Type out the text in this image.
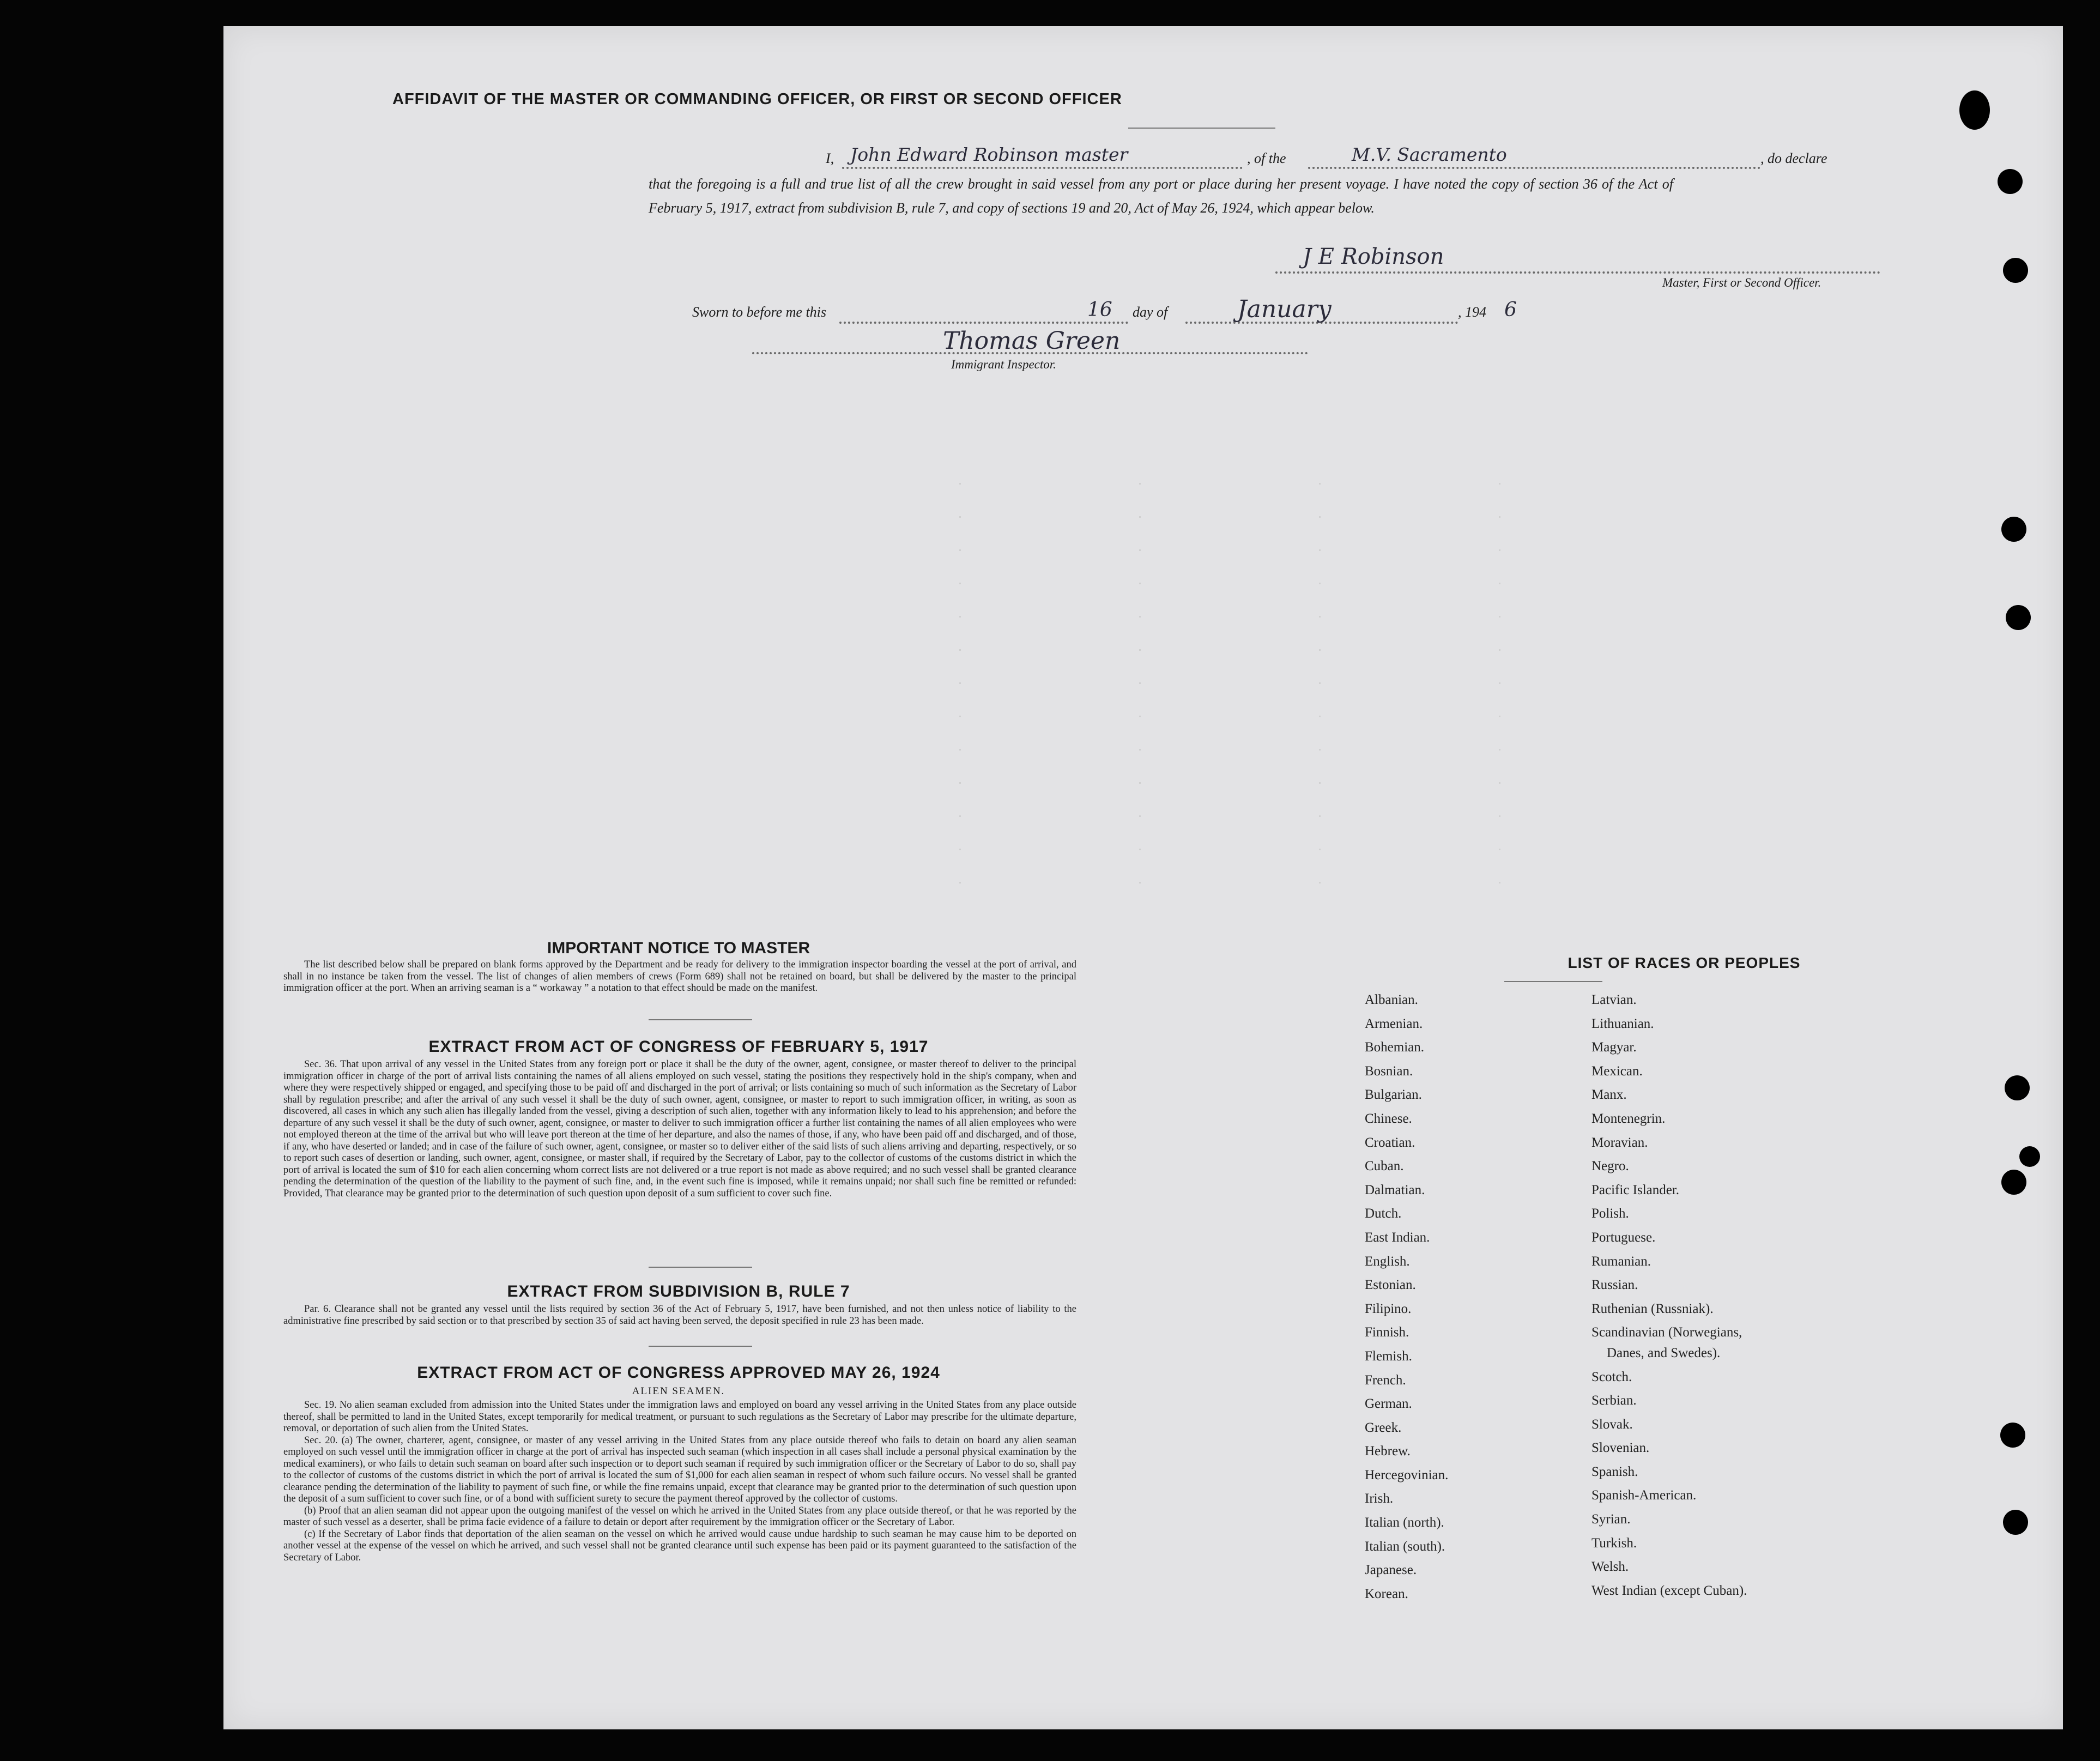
AFFIDAVIT OF THE MASTER OR COMMANDING OFFICER, OR FIRST OR SECOND OFFICER
I, John Edward Robinson master	, of the	M.V. Sacramento	, do declare
that the foregoing is a full and true list of all the crew brought in said vessel from any port or place during her present voyage. I have noted the copy of section 36 of the Act of February 5, 1917, extract from subdivision B, rule 7, and copy of sections 19 and 20, Act of May 26, 1924, which appear below.
J E Robinson
Master, First or Second Officer.
Sworn to before me this	16 day of	January	, 194 6
Thomas Green
Immigrant Inspector.
IMPORTANT NOTICE TO MASTER

The list described below shall be prepared on blank forms approved by the Department and be ready for delivery to the immigration inspector boarding the vessel at the port of arrival, and shall in no instance be taken from the vessel. The list of changes of alien members of crews (Form 689) shall not be retained on board, but shall be delivered by the master to the principal immigration officer at the port. When an arriving seaman is a “ workaway ” a notation to that effect should be made on the manifest.

EXTRACT FROM ACT OF CONGRESS OF FEBRUARY 5, 1917

Sec. 36. That upon arrival of any vessel in the United States from any foreign port or place it shall be the duty of the owner, agent, consignee, or master thereof to deliver to the principal immigration officer in charge of the port of arrival lists containing the names of all aliens employed on such vessel, stating the positions they respectively hold in the ship's company, when and where they were respectively shipped or engaged, and specifying those to be paid off and discharged in the port of arrival; or lists containing so much of such information as the Secretary of Labor shall by regulation prescribe; and after the arrival of any such vessel it shall be the duty of such owner, agent, consignee, or master to report to such immigration officer, in writing, as soon as discovered, all cases in which any such alien has illegally landed from the vessel, giving a description of such alien, together with any information likely to lead to his apprehension; and before the departure of any such vessel it shall be the duty of such owner, agent, consignee, or master to deliver to such immigration officer a further list containing the names of all alien employees who were not employed thereon at the time of the arrival but who will leave port thereon at the time of her departure, and also the names of those, if any, who have been paid off and discharged, and of those, if any, who have deserted or landed; and in case of the failure of such owner, agent, consignee, or master so to deliver either of the said lists of such aliens arriving and departing, respectively, or so to report such cases of desertion or landing, such owner, agent, consignee, or master shall, if required by the Secretary of Labor, pay to the collector of customs of the customs district in which the port of arrival is located the sum of $10 for each alien concerning whom correct lists are not delivered or a true report is not made as above required; and no such vessel shall be granted clearance pending the determination of the question of the liability to the payment of such fine, and, in the event such fine is imposed, while it remains unpaid; nor shall such fine be remitted or refunded: Provided, That clearance may be granted prior to the determination of such question upon deposit of a sum sufficient to cover such fine.

EXTRACT FROM SUBDIVISION B, RULE 7

Par. 6. Clearance shall not be granted any vessel until the lists required by section 36 of the Act of February 5, 1917, have been furnished, and not then unless notice of liability to the administrative fine prescribed by said section or to that prescribed by section 35 of said act having been served, the deposit specified in rule 23 has been made.

EXTRACT FROM ACT OF CONGRESS APPROVED MAY 26, 1924
ALIEN SEAMEN.

Sec. 19. No alien seaman excluded from admission into the United States under the immigration laws and employed on board any vessel arriving in the United States from any place outside thereof, shall be permitted to land in the United States, except temporarily for medical treatment, or pursuant to such regulations as the Secretary of Labor may prescribe for the ultimate departure, removal, or deportation of such alien from the United States.

Sec. 20. (a) The owner, charterer, agent, consignee, or master of any vessel arriving in the United States from any place outside thereof who fails to detain on board any alien seaman employed on such vessel until the immigration officer in charge at the port of arrival has inspected such seaman (which inspection in all cases shall include a personal physical examination by the medical examiners), or who fails to detain such seaman on board after such inspection or to deport such seaman if required by such immigration officer or the Secretary of Labor to do so, shall pay to the collector of customs of the customs district in which the port of arrival is located the sum of $1,000 for each alien seaman in respect of whom such failure occurs. No vessel shall be granted clearance pending the determination of the liability to payment of such fine, or while the fine remains unpaid, except that clearance may be granted prior to the determination of such question upon the deposit of a sum sufficient to cover such fine, or of a bond with sufficient surety to secure the payment thereof approved by the collector of customs.

(b) Proof that an alien seaman did not appear upon the outgoing manifest of the vessel on which he arrived in the United States from any place outside thereof, or that he was reported by the master of such vessel as a deserter, shall be prima facie evidence of a failure to detain or deport after requirement by the immigration officer or the Secretary of Labor.

(c) If the Secretary of Labor finds that deportation of the alien seaman on the vessel on which he arrived would cause undue hardship to such seaman he may cause him to be deported on another vessel at the expense of the vessel on which he arrived, and such vessel shall not be granted clearance until such expense has been paid or its payment guaranteed to the satisfaction of the Secretary of Labor.

LIST OF RACES OR PEOPLES
Albanian.
Armenian.
Bohemian.
Bosnian.
Bulgarian.
Chinese.
Croatian.
Cuban.
Dalmatian.
Dutch.
East Indian.
English.
Estonian.
Filipino.
Finnish.
Flemish.
French.
German.
Greek.
Hebrew.
Hercegovinian.
Irish.
Italian (north).
Italian (south).
Japanese.
Korean.
Latvian.
Lithuanian.
Magyar.
Mexican.
Manx.
Montenegrin.
Moravian.
Negro.
Pacific Islander.
Polish.
Portuguese.
Rumanian.
Russian.
Ruthenian (Russniak).
Scandinavian (Norwegians,
Danes, and Swedes).
Scotch.
Serbian.
Slovak.
Slovenian.
Spanish.
Spanish-American.
Syrian.
Turkish.
Welsh.
West Indian (except Cuban).
